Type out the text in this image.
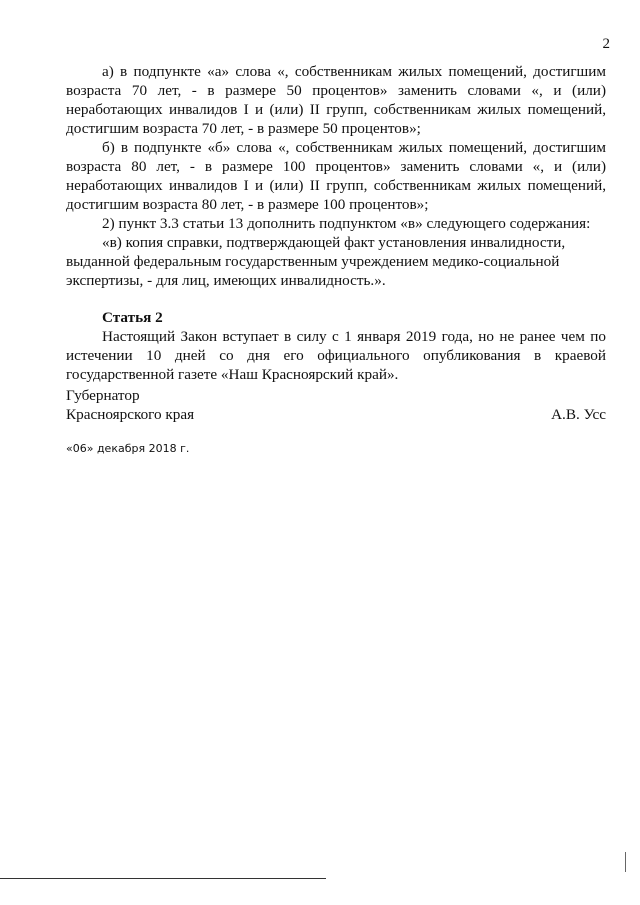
2

а) в подпункте «а» слова «, собственникам жилых помещений, достигшим возраста 70 лет, - в размере 50 процентов» заменить словами «, и (или) неработающих инвалидов I и (или) II групп, собственникам жилых помещений, достигшим возраста 70 лет, - в размере 50 процентов»;

б) в подпункте «б» слова «, собственникам жилых помещений, достигшим возраста 80 лет, - в размере 100 процентов» заменить словами «, и (или) неработающих инвалидов I и (или) II групп, собственникам жилых помещений, достигшим возраста 80 лет, - в размере 100 процентов»;

2) пункт 3.3 статьи 13 дополнить подпунктом «в» следующего содержания:

«в) копия справки, подтверждающей факт установления инвалидности, выданной федеральным государственным учреждением медико-социальной экспертизы, - для лиц, имеющих инвалидность.».

Статья 2

Настоящий Закон вступает в силу с 1 января 2019 года, но не ранее чем по истечении 10 дней со дня его официального опубликования в краевой государственной газете «Наш Красноярский край».

Губернатор
Красноярского края	А.В. Усс
«06» декабря 2018 г.
